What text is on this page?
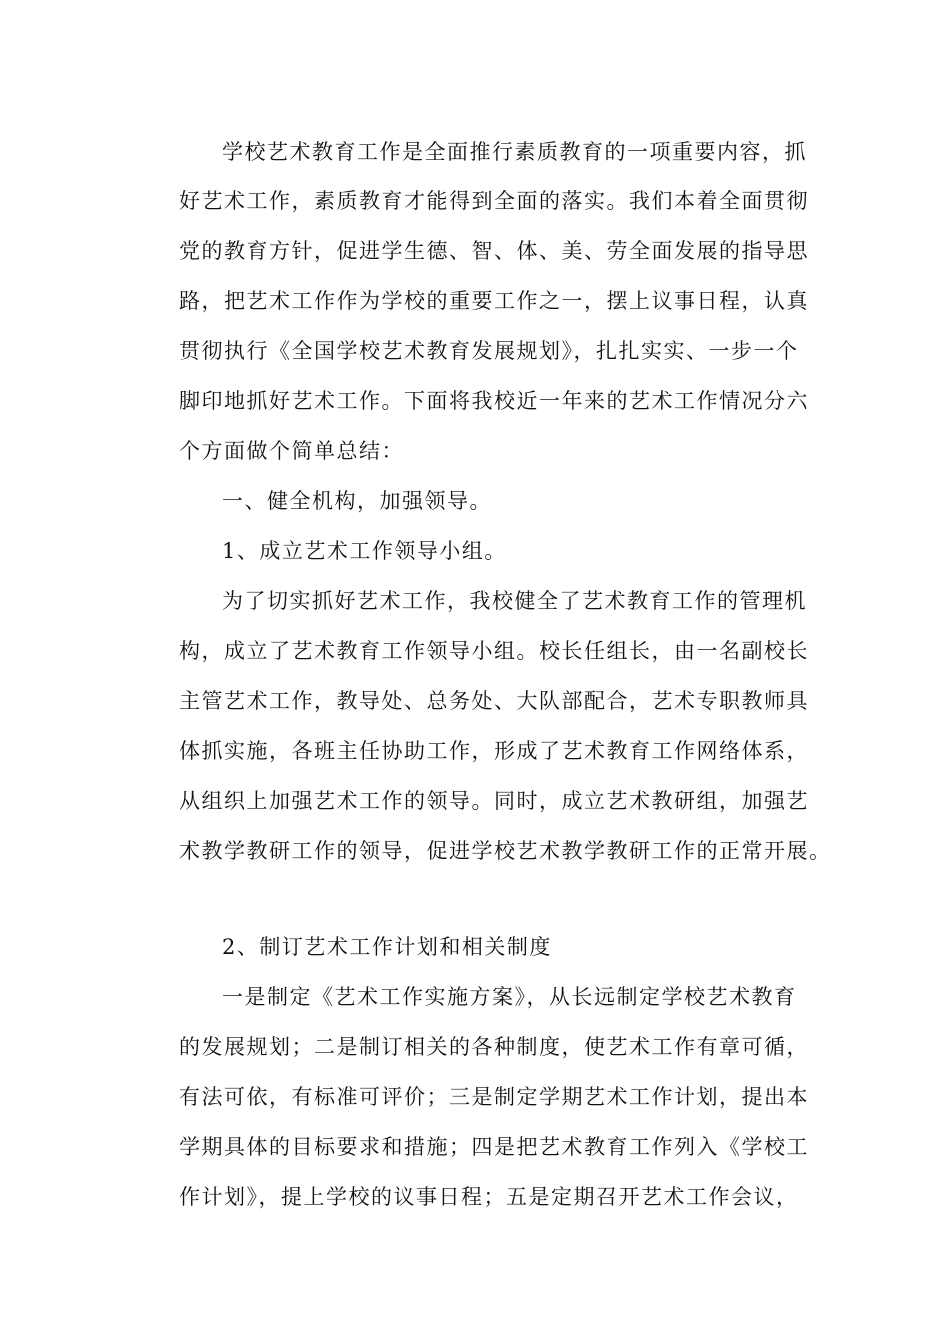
学校艺术教育工作是全面推行素质教育的一项重要内容，抓
好艺术工作，素质教育才能得到全面的落实。我们本着全面贯彻
党的教育方针，促进学生德、智、体、美、劳全面发展的指导思
路，把艺术工作作为学校的重要工作之一，摆上议事日程，认真
贯彻执行《全国学校艺术教育发展规划》，扎扎实实、一步一个
脚印地抓好艺术工作。下面将我校近一年来的艺术工作情况分六
个方面做个简单总结：
一、健全机构，加强领导。
1、成立艺术工作领导小组。
为了切实抓好艺术工作，我校健全了艺术教育工作的管理机
构，成立了艺术教育工作领导小组。校长任组长，由一名副校长
主管艺术工作，教导处、总务处、大队部配合，艺术专职教师具
体抓实施，各班主任协助工作，形成了艺术教育工作网络体系，
从组织上加强艺术工作的领导。同时，成立艺术教研组，加强艺
术教学教研工作的领导，促进学校艺术教学教研工作的正常开展。
2、制订艺术工作计划和相关制度
一是制定《艺术工作实施方案》，从长远制定学校艺术教育
的发展规划；二是制订相关的各种制度，使艺术工作有章可循，
有法可依，有标准可评价；三是制定学期艺术工作计划，提出本
学期具体的目标要求和措施；四是把艺术教育工作列入《学校工
作计划》，提上学校的议事日程；五是定期召开艺术工作会议，
